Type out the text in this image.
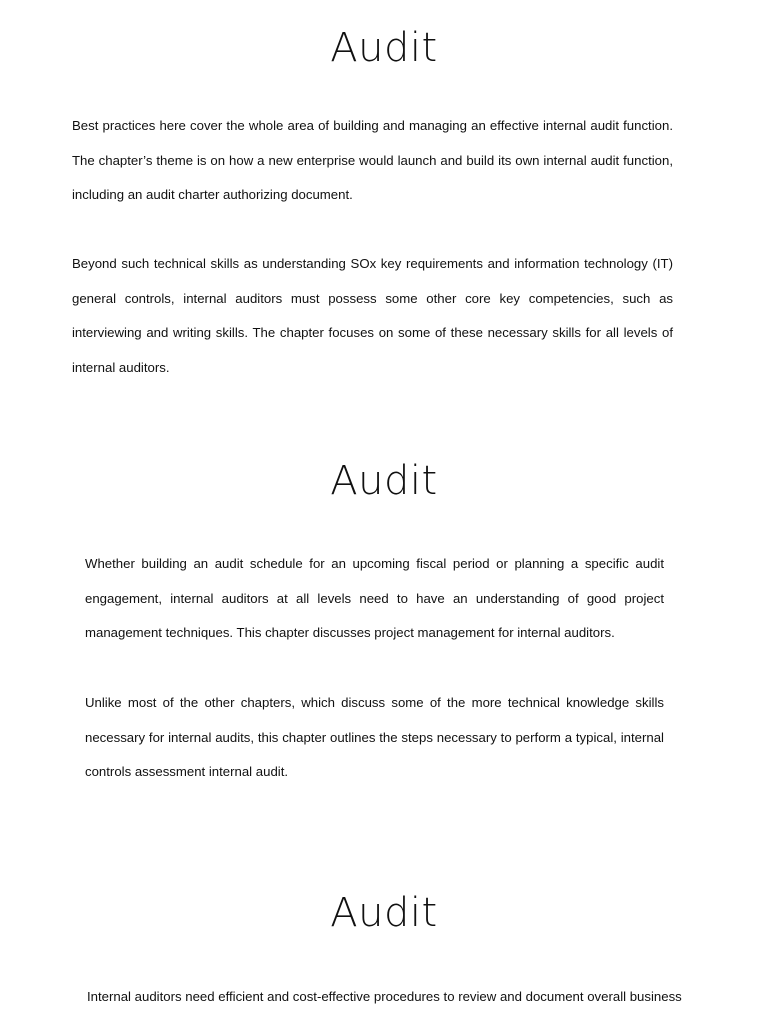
Audit

Best practices here cover the whole area of building and managing an effective internal audit function. The chapter’s theme is on how a new enterprise would launch and build its own internal audit function, including an audit charter authorizing document.

Beyond such technical skills as understanding SOx key requirements and information technology (IT) general controls, internal auditors must possess some other core key competencies, such as interviewing and writing skills. The chapter focuses on some of these necessary skills for all levels of internal auditors.

Audit

Whether building an audit schedule for an upcoming fiscal period or planning a specific audit engagement, internal auditors at all levels need to have an understanding of good project management techniques. This chapter discusses project management for internal auditors.

Unlike most of the other chapters, which discuss some of the more technical knowledge skills necessary for internal audits, this chapter outlines the steps necessary to perform a typical, internal controls assessment internal audit.

Audit

Internal auditors need efficient and cost-effective procedures to review and document overall business
